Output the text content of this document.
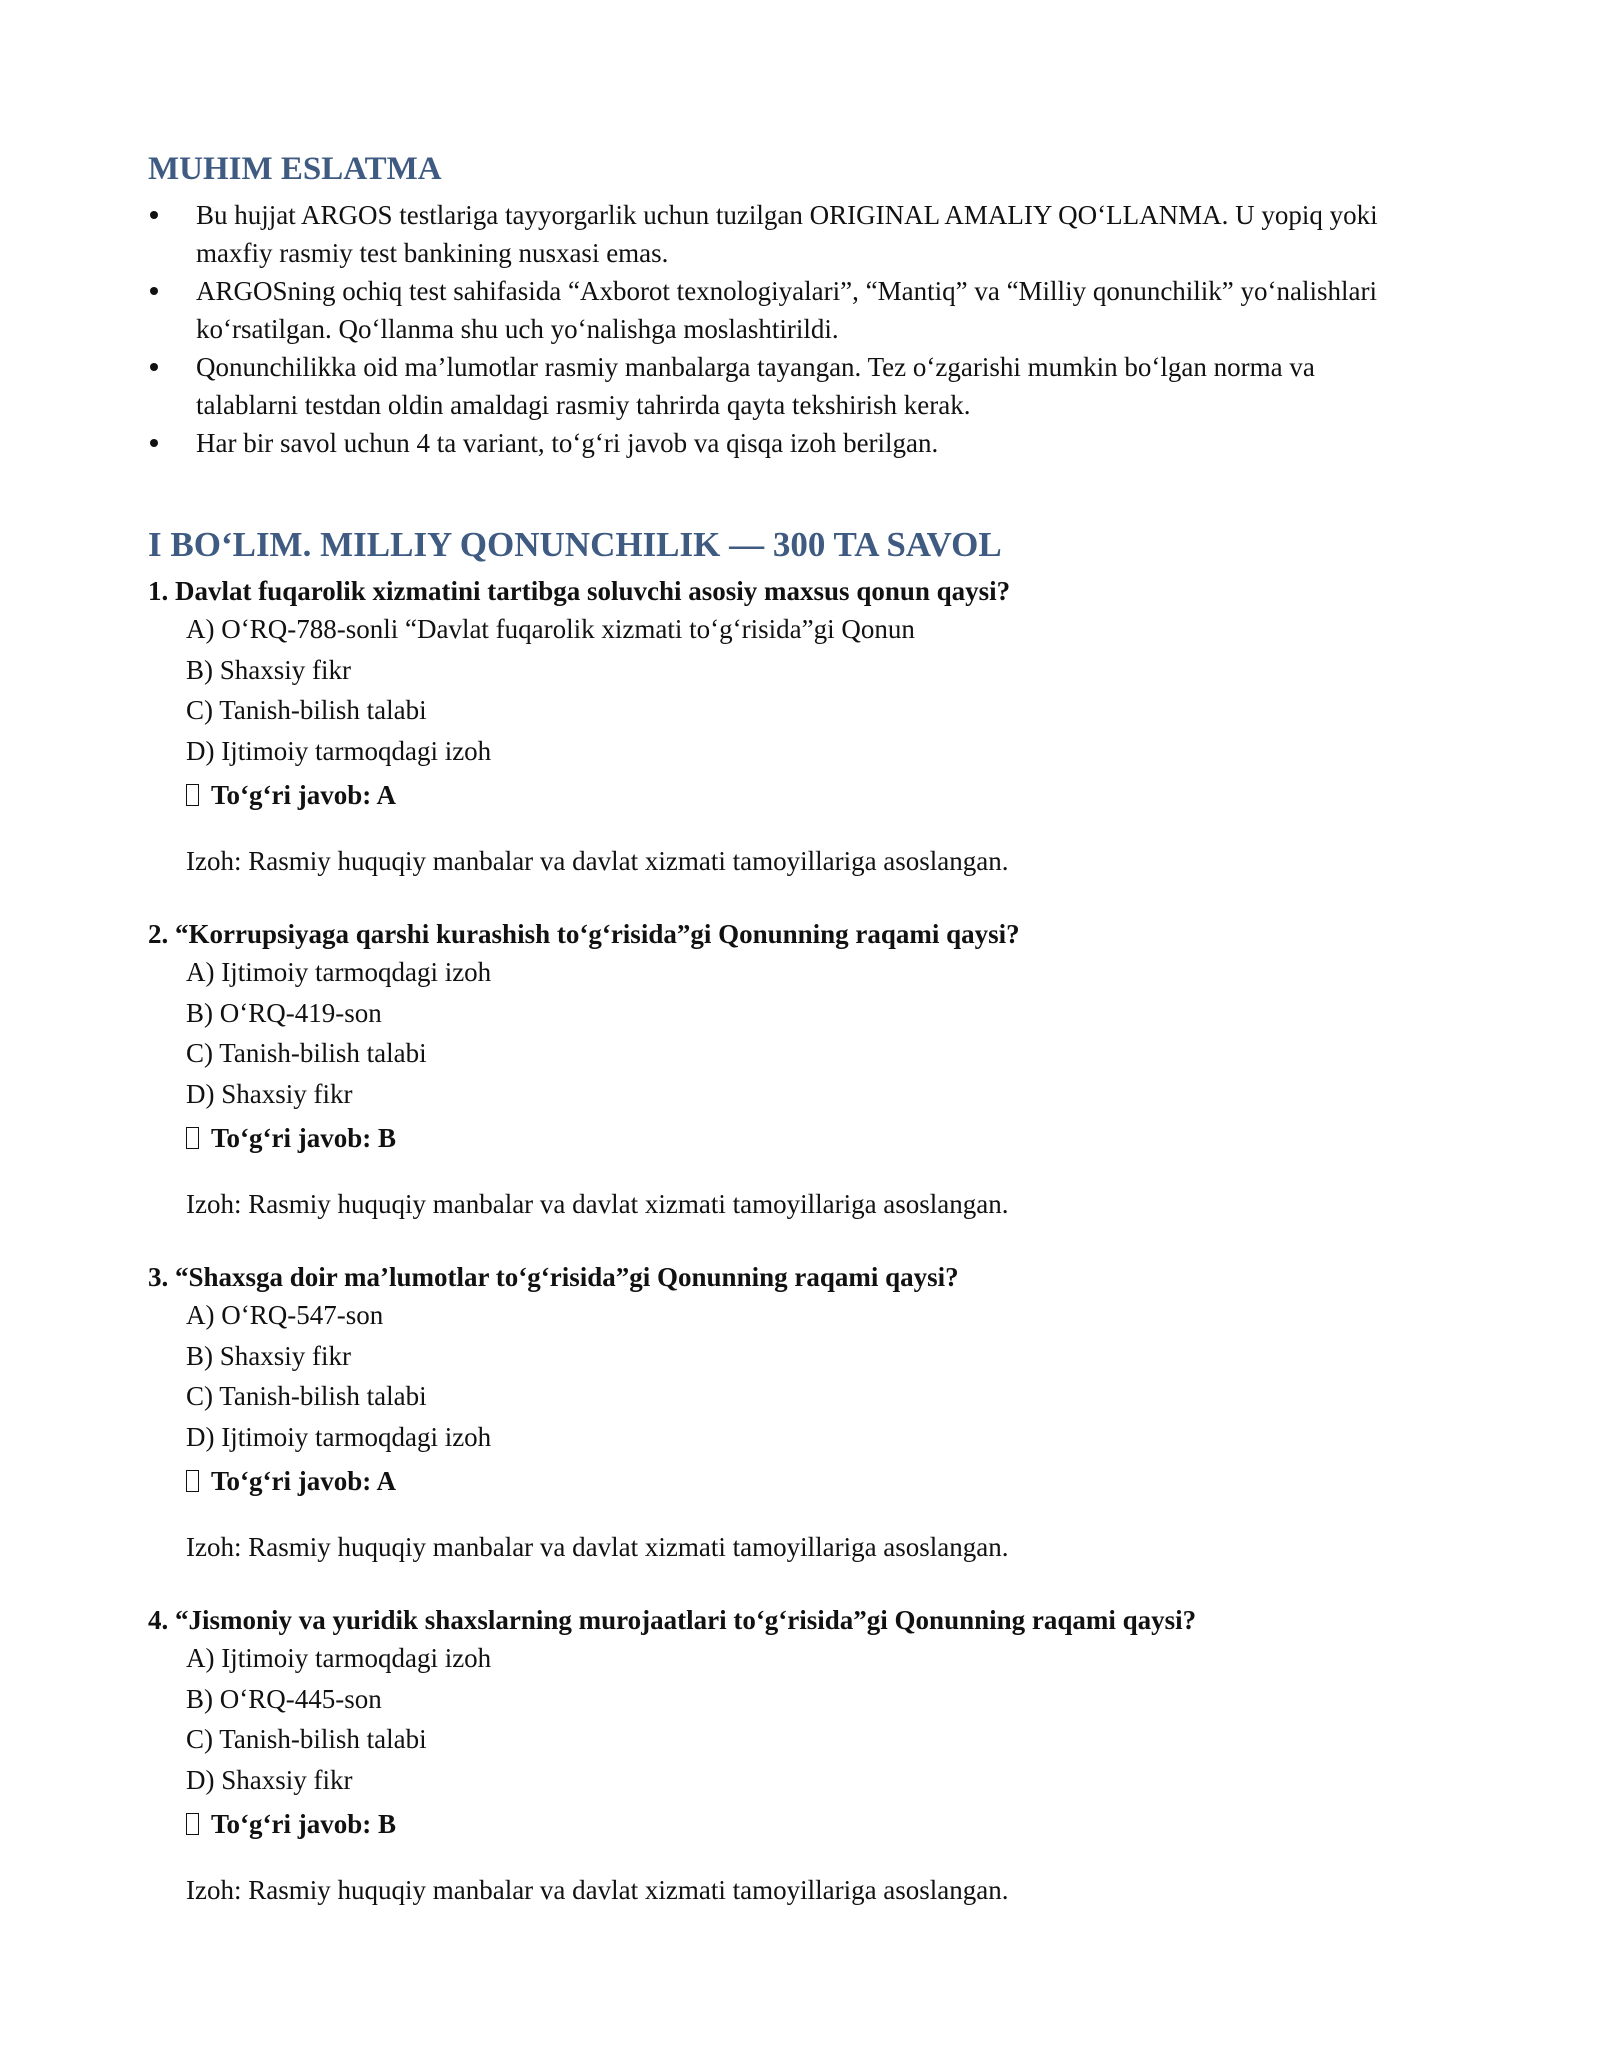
MUHIM ESLATMA
Bu hujjat ARGOS testlariga tayyorgarlik uchun tuzilgan ORIGINAL AMALIY QO‘LLANMA. U yopiq yoki maxfiy rasmiy test bankining nusxasi emas.
ARGOSning ochiq test sahifasida “Axborot texnologiyalari”, “Mantiq” va “Milliy qonunchilik” yo‘nalishlari ko‘rsatilgan. Qo‘llanma shu uch yo‘nalishga moslashtirildi.
Qonunchilikka oid ma’lumotlar rasmiy manbalarga tayangan. Tez o‘zgarishi mumkin bo‘lgan norma va talablarni testdan oldin amaldagi rasmiy tahrirda qayta tekshirish kerak.
Har bir savol uchun 4 ta variant, to‘g‘ri javob va qisqa izoh berilgan.
I BO‘LIM. MILLIY QONUNCHILIK — 300 TA SAVOL
1. Davlat fuqarolik xizmatini tartibga soluvchi asosiy maxsus qonun qaysi?
A) O‘RQ-788-sonli “Davlat fuqarolik xizmati to‘g‘risida”gi Qonun
B) Shaxsiy fikr
C) Tanish-bilish talabi
D) Ijtimoiy tarmoqdagi izoh
To‘g‘ri javob: A
Izoh: Rasmiy huquqiy manbalar va davlat xizmati tamoyillariga asoslangan.
2. “Korrupsiyaga qarshi kurashish to‘g‘risida”gi Qonunning raqami qaysi?
A) Ijtimoiy tarmoqdagi izoh
B) O‘RQ-419-son
C) Tanish-bilish talabi
D) Shaxsiy fikr
To‘g‘ri javob: B
Izoh: Rasmiy huquqiy manbalar va davlat xizmati tamoyillariga asoslangan.
3. “Shaxsga doir ma’lumotlar to‘g‘risida”gi Qonunning raqami qaysi?
A) O‘RQ-547-son
B) Shaxsiy fikr
C) Tanish-bilish talabi
D) Ijtimoiy tarmoqdagi izoh
To‘g‘ri javob: A
Izoh: Rasmiy huquqiy manbalar va davlat xizmati tamoyillariga asoslangan.
4. “Jismoniy va yuridik shaxslarning murojaatlari to‘g‘risida”gi Qonunning raqami qaysi?
A) Ijtimoiy tarmoqdagi izoh
B) O‘RQ-445-son
C) Tanish-bilish talabi
D) Shaxsiy fikr
To‘g‘ri javob: B
Izoh: Rasmiy huquqiy manbalar va davlat xizmati tamoyillariga asoslangan.
